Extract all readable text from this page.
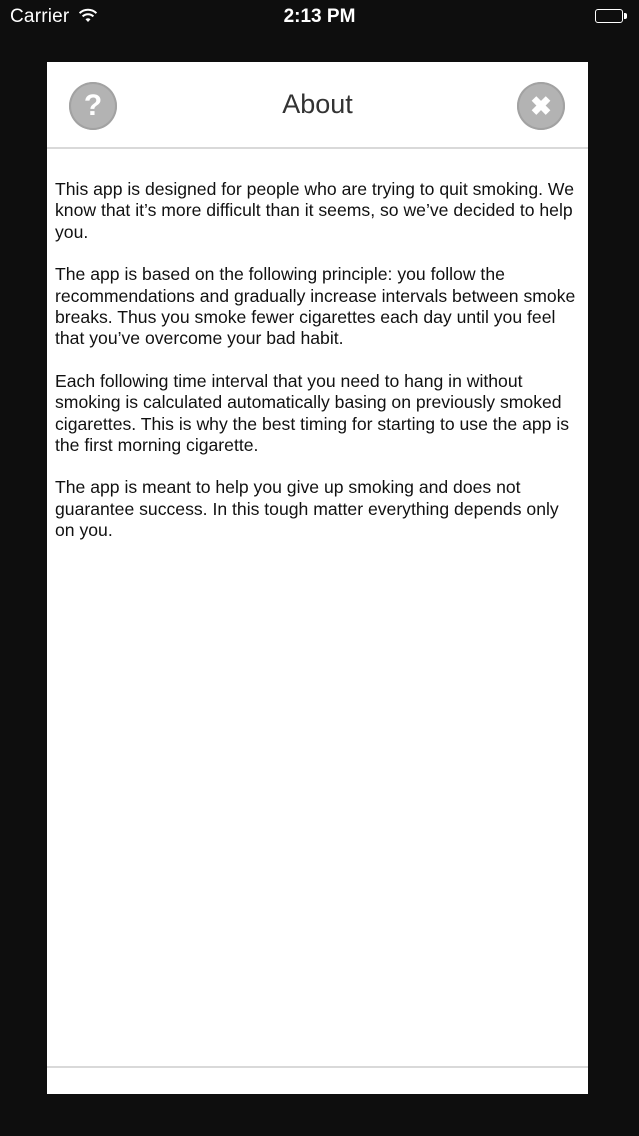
Carrier	2:13 PM
?	About	✖

This app is designed for people who are trying to quit smoking. We know that it’s more difficult than it seems, so we’ve decided to help you.

The app is based on the following principle: you follow the recommendations and gradually increase intervals between smoke breaks. Thus you smoke fewer cigarettes each day until you feel that you’ve overcome your bad habit.

Each following time interval that you need to hang in without smoking is calculated automatically basing on previously smoked cigarettes. This is why the best timing for starting to use the app is the first morning cigarette.

The app is meant to help you give up smoking and does not guarantee success. In this tough matter everything depends only on you.
